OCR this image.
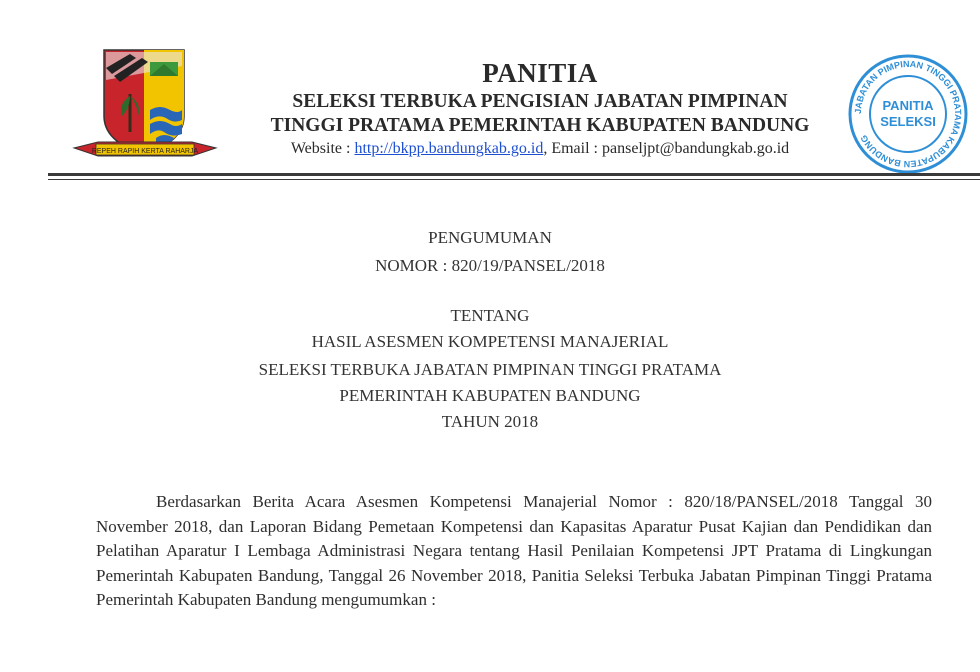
REPEH RAPIH KERTA RAHARJA
PANITIA
SELEKSI TERBUKA PENGISIAN JABATAN PIMPINAN
TINGGI PRATAMA PEMERINTAH KABUPATEN BANDUNG
Website : http://bkpp.bandungkab.go.id, Email : panseljpt@bandungkab.go.id
JABATAN PIMPINAN TINGGI PRATAMA KABUPATEN BANDUNG
PANITIA
SELEKSI
PENGUMUMAN
NOMOR : 820/19/PANSEL/2018
TENTANG
HASIL ASESMEN KOMPETENSI MANAJERIAL
SELEKSI TERBUKA JABATAN PIMPINAN TINGGI PRATAMA
PEMERINTAH KABUPATEN BANDUNG
TAHUN 2018
Berdasarkan Berita Acara Asesmen Kompetensi Manajerial Nomor : 820/18/PANSEL/2018 Tanggal 30 November 2018, dan Laporan Bidang Pemetaan Kompetensi dan Kapasitas Aparatur Pusat Kajian dan Pendidikan dan Pelatihan Aparatur I Lembaga Administrasi Negara tentang Hasil Penilaian Kompetensi JPT Pratama di Lingkungan Pemerintah Kabupaten Bandung, Tanggal 26 November 2018, Panitia Seleksi Terbuka Jabatan Pimpinan Tinggi Pratama Pemerintah Kabupaten Bandung mengumumkan :
